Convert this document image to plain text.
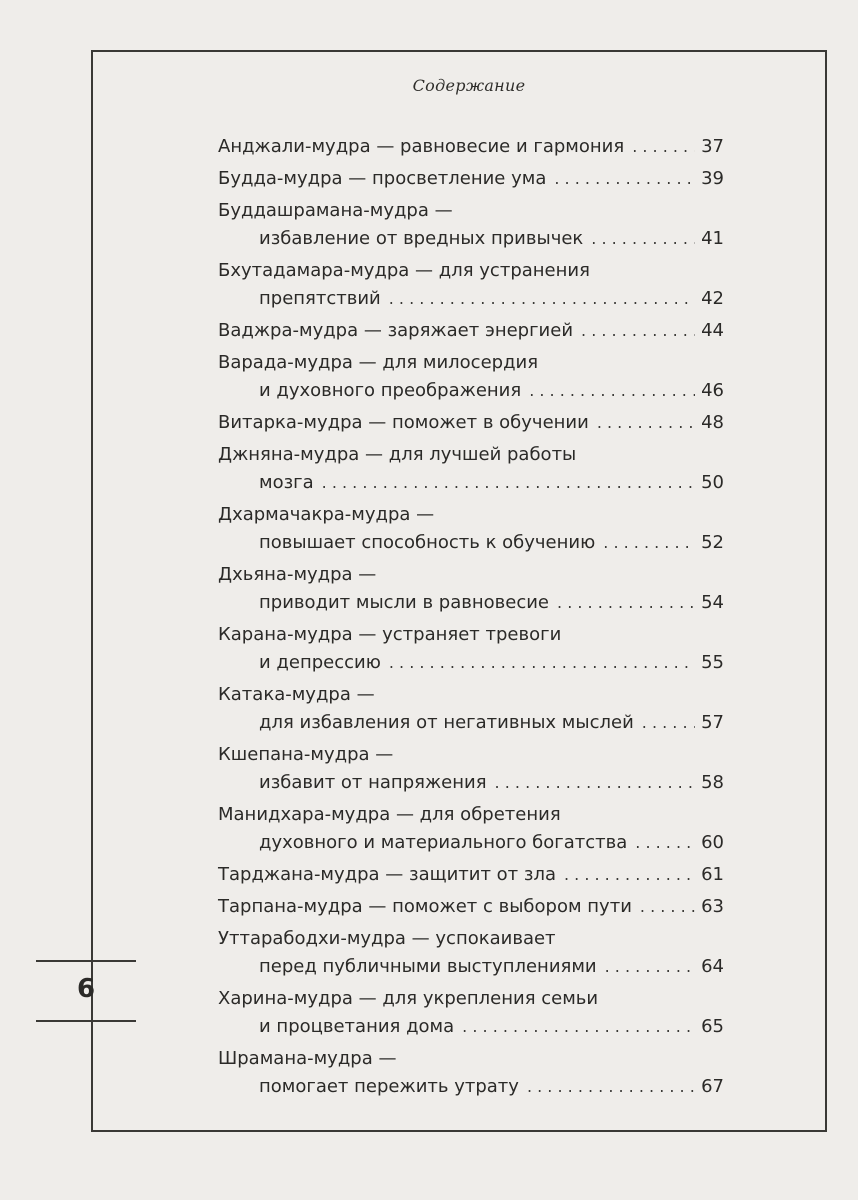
Содержание
Анджали-мудра — равновесие и гармония . . .	37
Будда-мудра — просветление ума . . .	39
Буддашрамана-мудра —
избавление от вредных привычек . . .	41
Бхутадамара-мудра — для устранения
препятствий . . .	42
Ваджра-мудра — заряжает энергией . . .	44
Варада-мудра — для милосердия
и духовного преображения . . .	46
Витарка-мудра — поможет в обучении . . .	48
Джняна-мудра — для лучшей работы
мозга . . .	50
Дхармачакра-мудра —
повышает способность к обучению . . .	52
Дхьяна-мудра —
приводит мысли в равновесие . . .	54
Карана-мудра — устраняет тревоги
и депрессию . . .	55
Катака-мудра —
для избавления от негативных мыслей . . .	57
Кшепана-мудра —
избавит от напряжения . . .	58
Манидхара-мудра — для обретения
духовного и материального богатства . . .	60
Тарджана-мудра — защитит от зла . . .	61
Тарпана-мудра — поможет с выбором пути . . .	63
Уттарабодхи-мудра — успокаивает
перед публичными выступлениями . . .	64
Харина-мудра — для укрепления семьи
и процветания дома . . .	65
Шрамана-мудра —
помогает пережить утрату . . .	67
6
